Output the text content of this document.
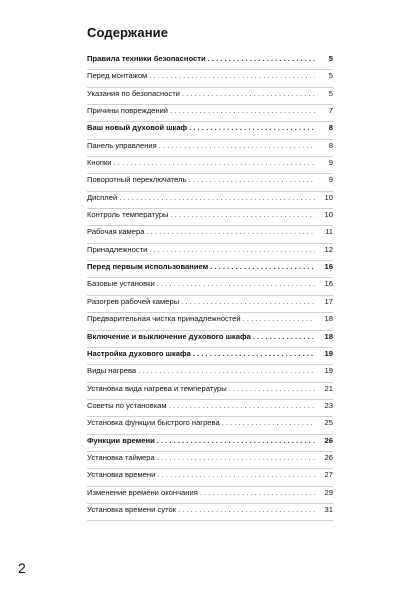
Содержание
Правила техники безопасности . . .	5
Перед монтажом . . .	5
Указания по безопасности . . .	5
Причины повреждений . . .	7
Ваш новый духовой шкаф . . .	8
Панель управления . . .	8
Кнопки . . .	9
Поворотный переключатель . . .	9
Дисплей . . .	10
Контроль температуры . . .	10
Рабочая камера . . .	11
Принадлежности . . .	12
Перед первым использованием . . .	16
Базовые установки . . .	16
Разогрев рабочей камеры . . .	17
Предварительная чистка принадлежностей . . .	18
Включение и выключение духового шкафа . . .	18
Настройка духового шкафа . . .	19
Виды нагрева . . .	19
Установка вида нагрева и температуры . . .	21
Советы по установкам . . .	23
Установка функции быстрого нагрева . . .	25
Функции времени . . .	26
Установка таймера . . .	26
Установка времени . . .	27
Изменение времени окончания . . .	29
Установка времени суток . . .	31
2
